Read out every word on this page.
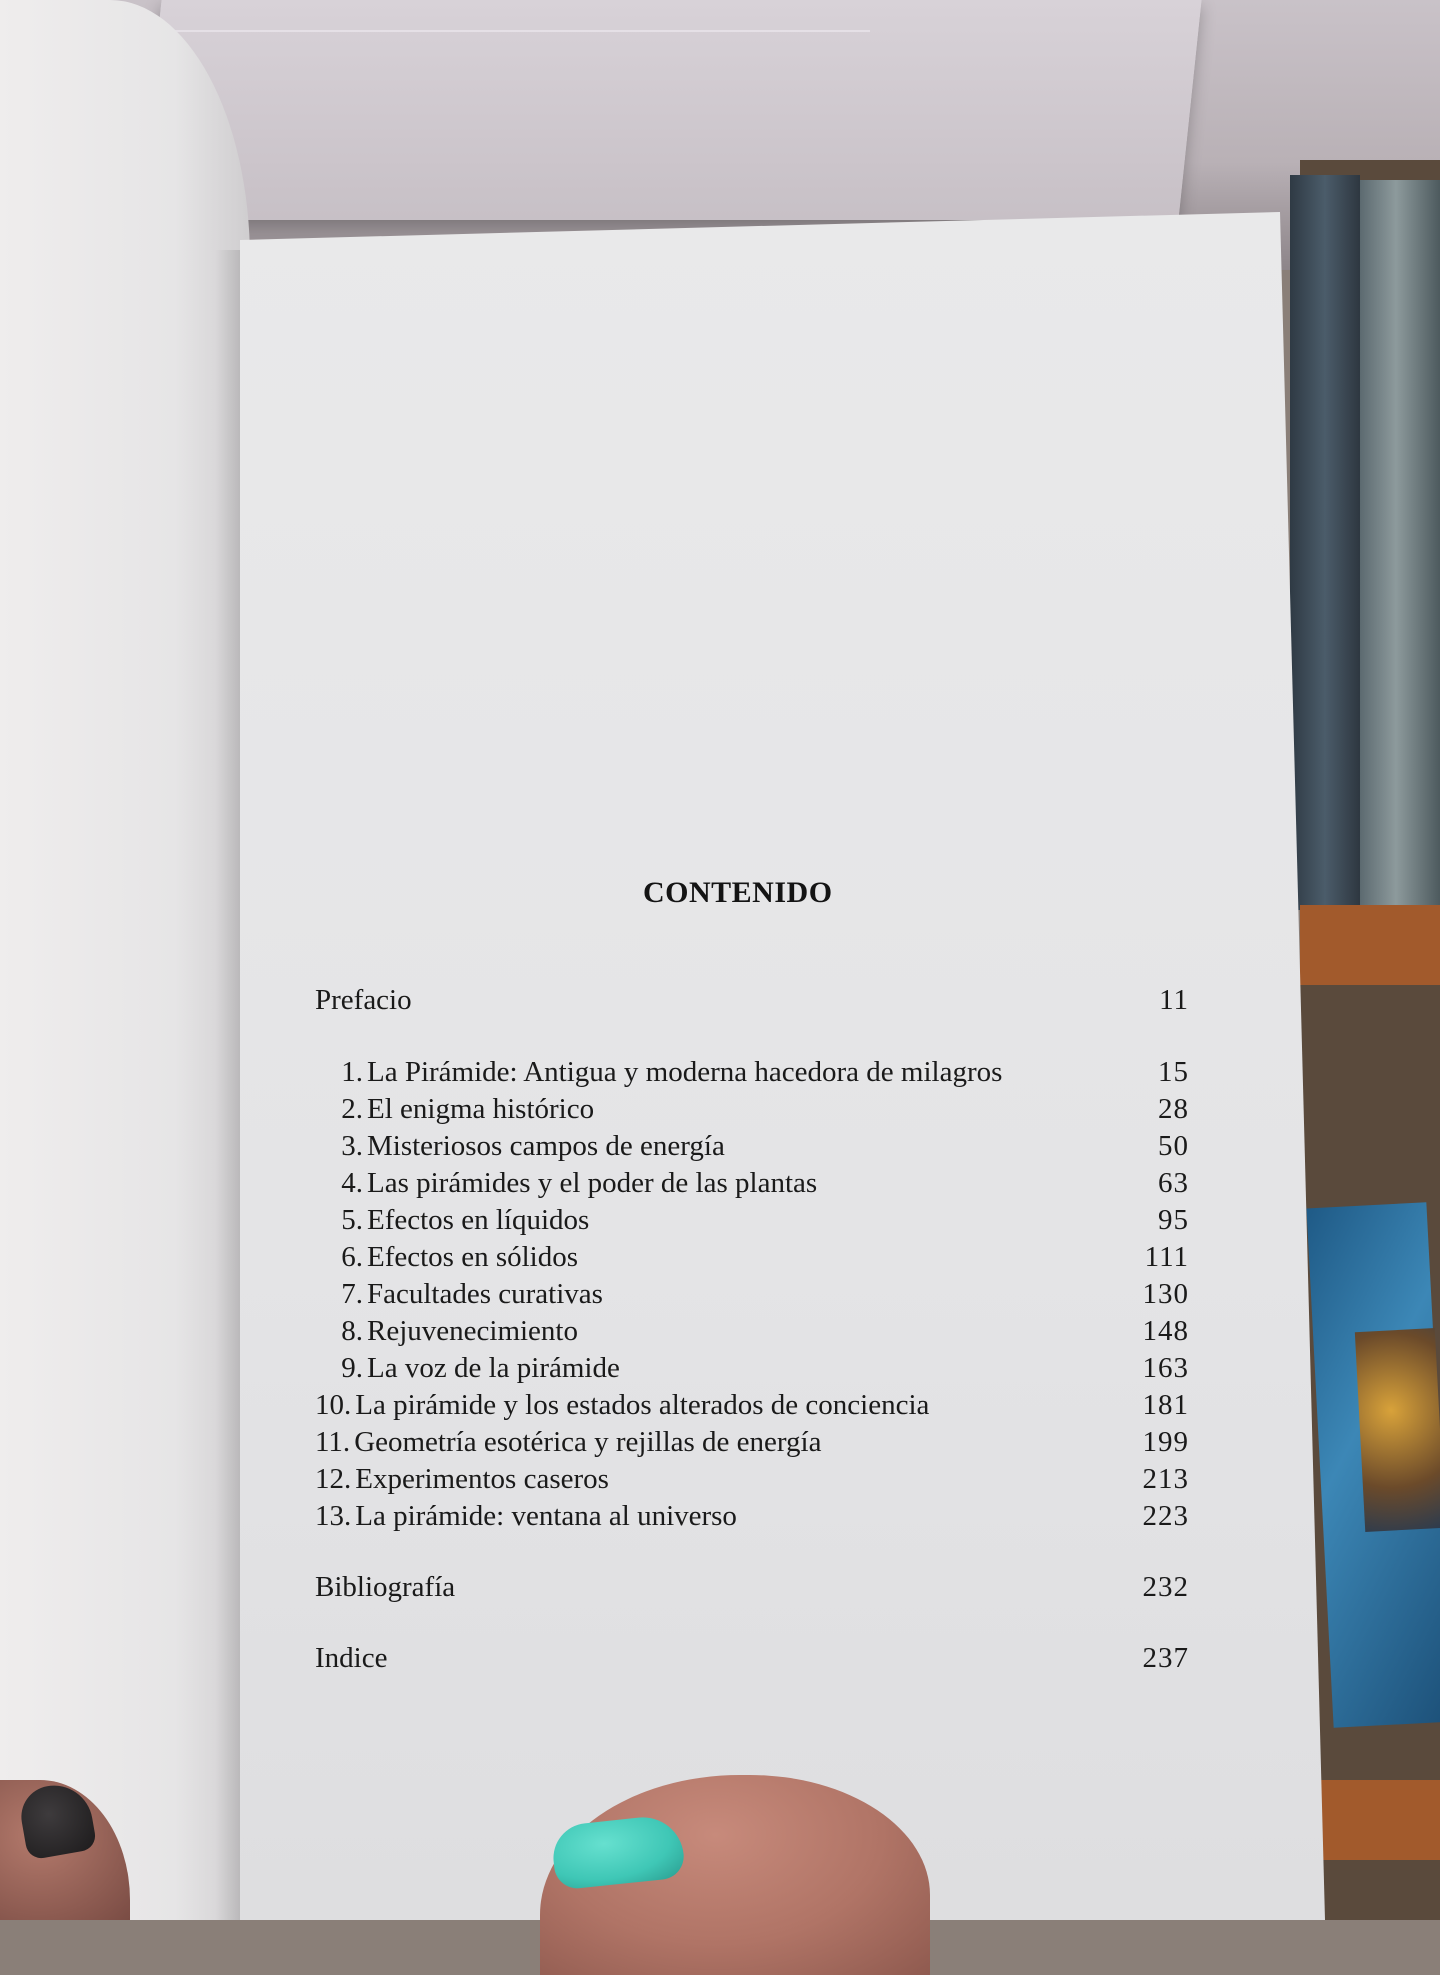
CONTENIDO
Prefacio	11
1. La Pirámide: Antigua y moderna hacedora de milagros	15
2. El enigma histórico	28
3. Misteriosos campos de energía	50
4. Las pirámides y el poder de las plantas	63
5. Efectos en líquidos	95
6. Efectos en sólidos	111
7. Facultades curativas	130
8. Rejuvenecimiento	148
9. La voz de la pirámide	163
10. La pirámide y los estados alterados de conciencia	181
11. Geometría esotérica y rejillas de energía	199
12. Experimentos caseros	213
13. La pirámide: ventana al universo	223
Bibliografía	232
Indice	237
